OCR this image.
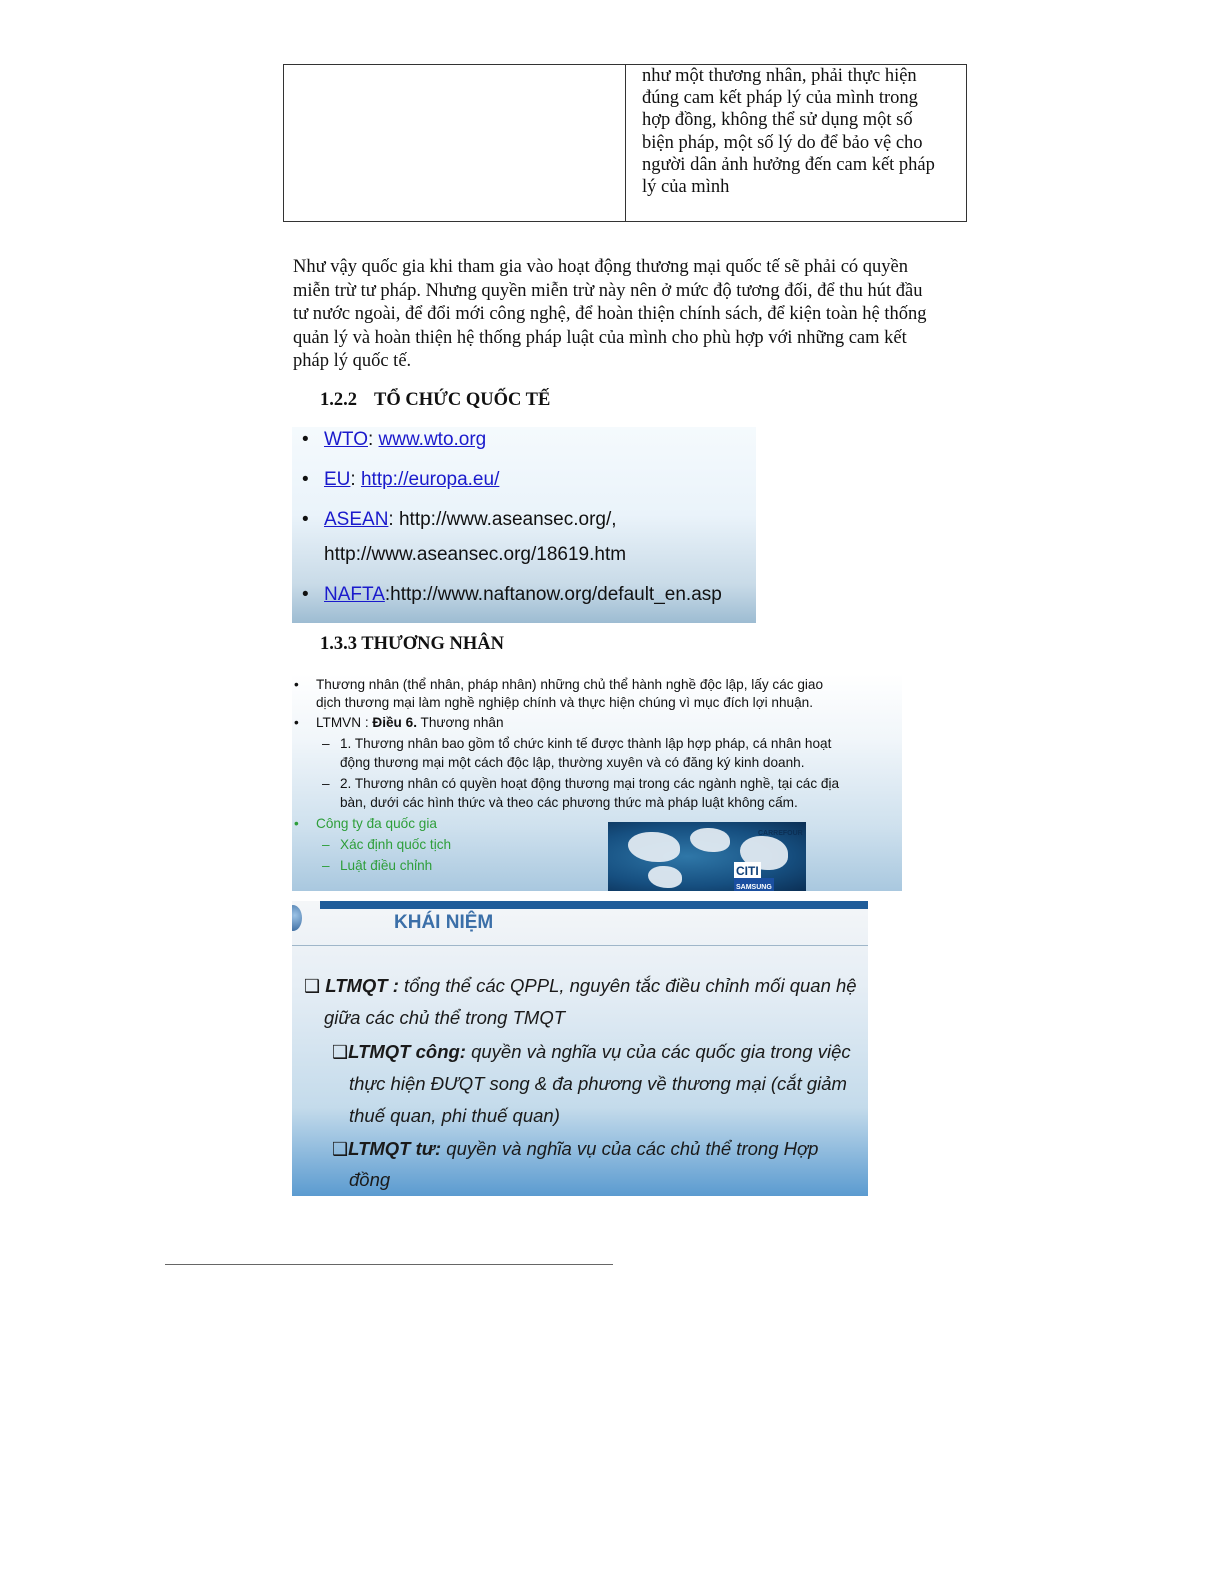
như một thương nhân, phải thực hiện
đúng cam kết pháp lý của mình trong
hợp đồng, không thể sử dụng một số
biện pháp, một số lý do để bảo vệ cho
người dân ảnh hưởng đến cam kết pháp
lý của mình
Như vậy quốc gia khi tham gia vào hoạt động thương mại quốc tế sẽ phải có quyền
miễn trừ tư pháp. Nhưng quyền miễn trừ này nên ở mức độ tương đối, để thu hút đầu
tư nước ngoài, để đổi mới công nghệ, để hoàn thiện chính sách, để kiện toàn hệ thống
quản lý và hoàn thiện hệ thống pháp luật của mình cho phù hợp với những cam kết
pháp lý quốc tế.
1.2.2 TỔ CHỨC QUỐC TẾ
• WTO: www.wto.org
• EU: http://europa.eu/
• ASEAN: http://www.aseansec.org/,
http://www.aseansec.org/18619.htm
• NAFTA:http://www.naftanow.org/default_en.asp
1.3.3 THƯƠNG NHÂN
• Thương nhân (thể nhân, pháp nhân) những chủ thể hành nghề độc lập, lấy các giao
dịch thương mại làm nghề nghiệp chính và thực hiện chúng vì mục đích lợi nhuận.
• LTMVN : Điều 6. Thương nhân
– 1. Thương nhân bao gồm tổ chức kinh tế được thành lập hợp pháp, cá nhân hoạt
động thương mại một cách độc lập, thường xuyên và có đăng ký kinh doanh.
– 2. Thương nhân có quyền hoạt động thương mại trong các ngành nghề, tại các địa
bàn, dưới các hình thức và theo các phương thức mà pháp luật không cấm.
• Công ty đa quốc gia
– Xác định quốc tịch
– Luật điều chỉnh	CITI
SAMSUNG
CARREFOUR
KHÁI NIỆM
❑ LTMQT : tổng thể các QPPL, nguyên tắc điều chỉnh mối quan hệ
giữa các chủ thể trong TMQT
❑LTMQT công: quyền và nghĩa vụ của các quốc gia trong việc
thực hiện ĐƯQT song & đa phương về thương mại (cắt giảm
thuế quan, phi thuế quan)
❑LTMQT tư: quyền và nghĩa vụ của các chủ thể trong Hợp
đồng
